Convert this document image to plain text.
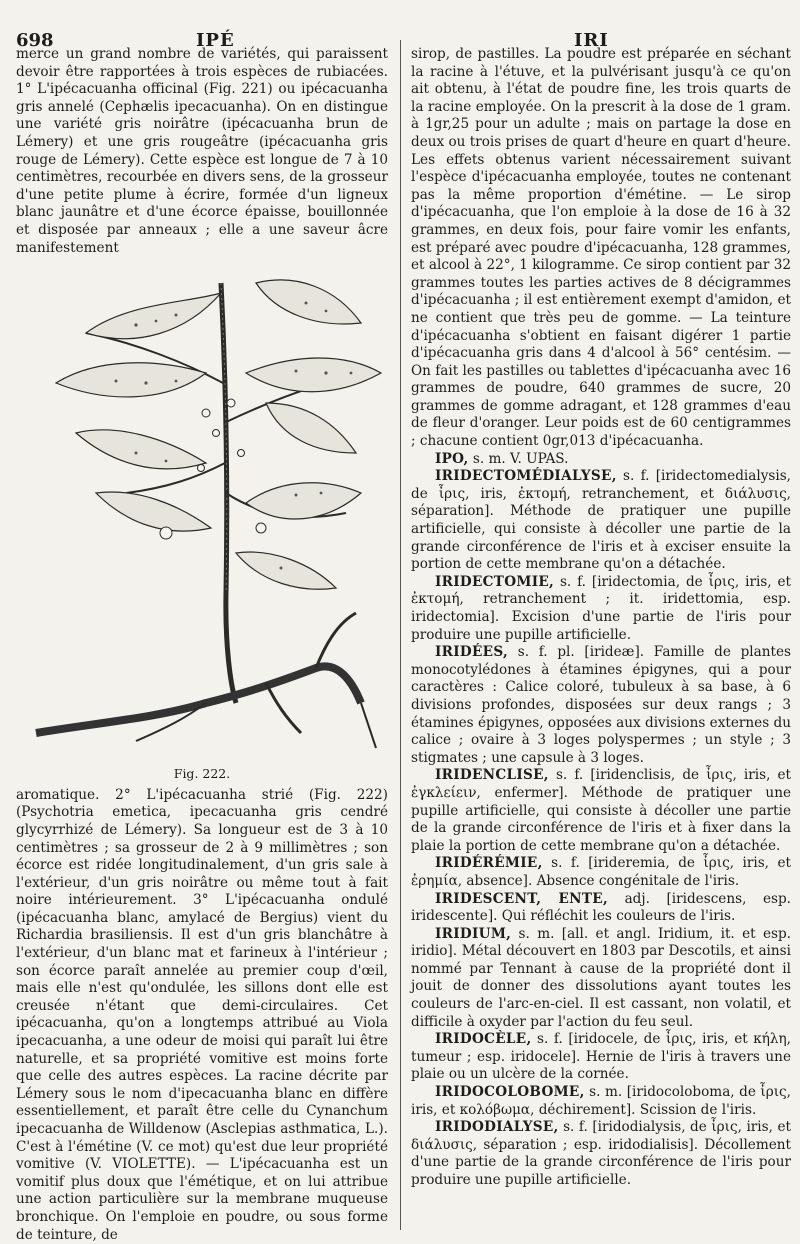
698	IPÉ	IRI

merce un grand nombre de variétés, qui paraissent devoir être rapportées à trois espèces de rubiacées. 1° L'ipécacuanha officinal (Fig. 221) ou ipécacuanha gris annelé (Cephælis ipecacuanha). On en distingue une variété gris noirâtre (ipécacuanha brun de Lémery) et une gris rougeâtre (ipécacuanha gris rouge de Lémery). Cette espèce est longue de 7 à 10 centimètres, recourbée en divers sens, de la grosseur d'une petite plume à écrire, formée d'un ligneux blanc jaunâtre et d'une écorce épaisse, bouillonnée et disposée par anneaux ; elle a une saveur âcre manifestement

Fig. 222.

aromatique. 2° L'ipécacuanha strié (Fig. 222) (Psychotria emetica, ipecacuanha gris cendré glycyrrhizé de Lémery). Sa longueur est de 3 à 10 centimètres ; sa grosseur de 2 à 9 millimètres ; son écorce est ridée longitudinalement, d'un gris sale à l'extérieur, d'un gris noirâtre ou même tout à fait noire intérieurement. 3° L'ipécacuanha ondulé (ipécacuanha blanc, amylacé de Bergius) vient du Richardia brasiliensis. Il est d'un gris blanchâtre à l'extérieur, d'un blanc mat et farineux à l'intérieur ; son écorce paraît annelée au premier coup d'œil, mais elle n'est qu'ondulée, les sillons dont elle est creusée n'étant que demi-circulaires. Cet ipécacuanha, qu'on a longtemps attribué au Viola ipecacuanha, a une odeur de moisi qui paraît lui être naturelle, et sa propriété vomitive est moins forte que celle des autres espèces. La racine décrite par Lémery sous le nom d'ipecacuanha blanc en diffère essentiellement, et paraît être celle du Cynanchum ipecacuanha de Willdenow (Asclepias asthmatica, L.). C'est à l'émétine (V. ce mot) qu'est due leur propriété vomitive (V. VIOLETTE). — L'ipécacuanha est un vomitif plus doux que l'émétique, et on lui attribue une action particulière sur la membrane muqueuse bronchique. On l'emploie en poudre, ou sous forme de teinture, de

sirop, de pastilles. La poudre est préparée en séchant la racine à l'étuve, et la pulvérisant jusqu'à ce qu'on ait obtenu, à l'état de poudre fine, les trois quarts de la racine employée. On la prescrit à la dose de 1 gram. à 1gr,25 pour un adulte ; mais on partage la dose en deux ou trois prises de quart d'heure en quart d'heure. Les effets obtenus varient nécessairement suivant l'espèce d'ipécacuanha employée, toutes ne contenant pas la même proportion d'émétine. — Le sirop d'ipécacuanha, que l'on emploie à la dose de 16 à 32 grammes, en deux fois, pour faire vomir les enfants, est préparé avec poudre d'ipécacuanha, 128 grammes, et alcool à 22°, 1 kilogramme. Ce sirop contient par 32 grammes toutes les parties actives de 8 décigrammes d'ipécacuanha ; il est entièrement exempt d'amidon, et ne contient que très peu de gomme. — La teinture d'ipécacuanha s'obtient en faisant digérer 1 partie d'ipécacuanha gris dans 4 d'alcool à 56° centésim. — On fait les pastilles ou tablettes d'ipécacuanha avec 16 grammes de poudre, 640 grammes de sucre, 20 grammes de gomme adragant, et 128 grammes d'eau de fleur d'oranger. Leur poids est de 60 centigrammes ; chacune contient 0gr,013 d'ipécacuanha.

IPO, s. m. V. UPAS.

IRIDECTOMÉDIALYSE, s. f. [iridectomedialysis, de ἶρις, iris, ἐκτομή, retranchement, et διάλυσις, séparation]. Méthode de pratiquer une pupille artificielle, qui consiste à décoller une partie de la grande circonférence de l'iris et à exciser ensuite la portion de cette membrane qu'on a détachée.

IRIDECTOMIE, s. f. [iridectomia, de ἶρις, iris, et ἐκτομή, retranchement ; it. iridettomia, esp. iridectomia]. Excision d'une partie de l'iris pour produire une pupille artificielle.

IRIDÉES, s. f. pl. [irideæ]. Famille de plantes monocotylédones à étamines épigynes, qui a pour caractères : Calice coloré, tubuleux à sa base, à 6 divisions profondes, disposées sur deux rangs ; 3 étamines épigynes, opposées aux divisions externes du calice ; ovaire à 3 loges polyspermes ; un style ; 3 stigmates ; une capsule à 3 loges.

IRIDENCLISE, s. f. [iridenclisis, de ἶρις, iris, et ἐγκλείειν, enfermer]. Méthode de pratiquer une pupille artificielle, qui consiste à décoller une partie de la grande circonférence de l'iris et à fixer dans la plaie la portion de cette membrane qu'on a détachée.

IRIDÉRÉMIE, s. f. [irideremia, de ἶρις, iris, et ἐρημία, absence]. Absence congénitale de l'iris.

IRIDESCENT, ENTE, adj. [iridescens, esp. iridescente]. Qui réfléchit les couleurs de l'iris.

IRIDIUM, s. m. [all. et angl. Iridium, it. et esp. iridio]. Métal découvert en 1803 par Descotils, et ainsi nommé par Tennant à cause de la propriété dont il jouit de donner des dissolutions ayant toutes les couleurs de l'arc-en-ciel. Il est cassant, non volatil, et difficile à oxyder par l'action du feu seul.

IRIDOCÈLE, s. f. [iridocele, de ἶρις, iris, et κήλη, tumeur ; esp. iridocele]. Hernie de l'iris à travers une plaie ou un ulcère de la cornée.

IRIDOCOLOBOME, s. m. [iridocoloboma, de ἶρις, iris, et κολόβωμα, déchirement]. Scission de l'iris.

IRIDODIALYSE, s. f. [iridodialysis, de ἶρις, iris, et διάλυσις, séparation ; esp. iridodialisis]. Décollement d'une partie de la grande circonférence de l'iris pour produire une pupille artificielle.
